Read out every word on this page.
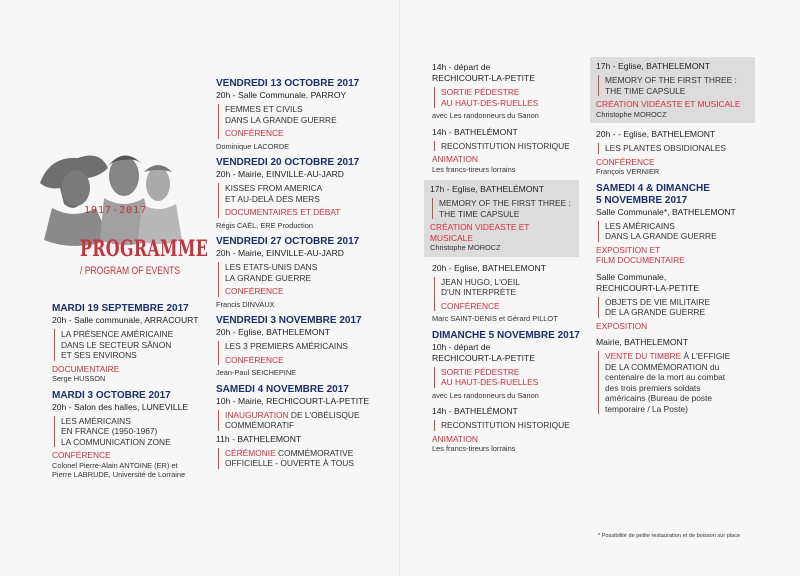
1917-2017
PROGRAMME
/ PROGRAM OF EVENTS
MARDI 19 SEPTEMBRE 2017
20h - Salle communale, ARRACOURT
LA PRÉSENCE AMÉRICAINE
DANS LE SECTEUR SÂNON
ET SES ENVIRONS
DOCUMENTAIRE
Serge HUSSON
MARDI 3 OCTOBRE 2017
20h - Salon des halles, LUNEVILLE
LES AMÉRICAINS
EN FRANCE (1950-1967)
LA COMMUNICATION ZONE
CONFÉRENCE
Colonel Pierre-Alain ANTOINE (ER) et
Pierre LABRUDE, Université de Lorraine
VENDREDI 13 OCTOBRE 2017
20h - Salle Communale, PARROY
FEMMES ET CIVILS
DANS LA GRANDE GUERRE
CONFÉRENCE
Dominique LACORDE
VENDREDI 20 OCTOBRE 2017
20h - Mairie, EINVILLE-AU-JARD
KISSES FROM AMERICA
ET AU-DELÀ DES MERS
DOCUMENTAIRES ET DÉBAT
Régis CAËL, ERE Production
VENDREDI 27 OCTOBRE 2017
20h - Mairie, EINVILLE-AU-JARD
LES ETATS-UNIS DANS
LA GRANDE GUERRE
CONFÉRENCE
Francis DINVAUX
VENDREDI 3 NOVEMBRE 2017
20h - Eglise, BATHELEMONT
LES 3 PREMIERS AMÉRICAINS
CONFÉRENCE
Jean-Paul SEICHEPINE
SAMEDI 4 NOVEMBRE 2017
10h - Mairie, RECHICOURT-LA-PETITE
INAUGURATION DE L'OBÉLISQUE
COMMÉMORATIF
11h - BATHELEMONT
CÉRÉMONIE COMMÉMORATIVE
OFFICIELLE - OUVERTE À TOUS
14h - départ de
RECHICOURT-LA-PETITE
SORTIE PÉDESTRE
AU HAUT-DES-RUELLES
avec Les randonneurs du Sanon
14h - BATHELÉMONT
RECONSTITUTION HISTORIQUE
ANIMATION
Les francs-tireurs lorrains
17h - Eglise, BATHELÉMONT
MEMORY OF THE FIRST THREE :
THE TIME CAPSULE
CRÉATION VIDÉASTE ET MUSICALE
Christophe MOROCZ
20h - Eglise, BATHELEMONT
JEAN HUGO, L'OEIL
D'UN INTERPRÈTE
CONFÉRENCE
Marc SAINT-DENIS et Gérard PILLOT
DIMANCHE 5 NOVEMBRE 2017
10h - départ de
RECHICOURT-LA-PETITE
SORTIE PÉDESTRE
AU HAUT-DES-RUELLES
avec Les randonneurs du Sanon
14h - BATHELÉMONT
RECONSTITUTION HISTORIQUE
ANIMATION
Les francs-tireurs lorrains
17h - Eglise, BATHELEMONT
MEMORY OF THE FIRST THREE :
THE TIME CAPSULE
CRÉATION VIDÉASTE ET MUSICALE
Christophe MOROCZ
20h - - Eglise, BATHELEMONT
LES PLANTES OBSIDIONALES
CONFÉRENCE
François VERNIER
SAMEDI 4 & DIMANCHE
5 NOVEMBRE 2017
Salle Communale*, BATHELEMONT
LES AMÉRICAINS
DANS LA GRANDE GUERRE
EXPOSITION ET
FILM DOCUMENTAIRE
Salle Communale,
RECHICOURT-LA-PETITE
OBJETS DE VIE MILITAIRE
DE LA GRANDE GUERRE
EXPOSITION
Mairie, BATHELEMONT
VENTE DU TIMBRE À L'EFFIGIE
DE LA COMMÉMORATION du
centenaire de la mort au combat
des trois premiers soldats
américains (Bureau de poste
temporaire / La Poste)
* Possibilité de petite restauration et de boisson sur place
